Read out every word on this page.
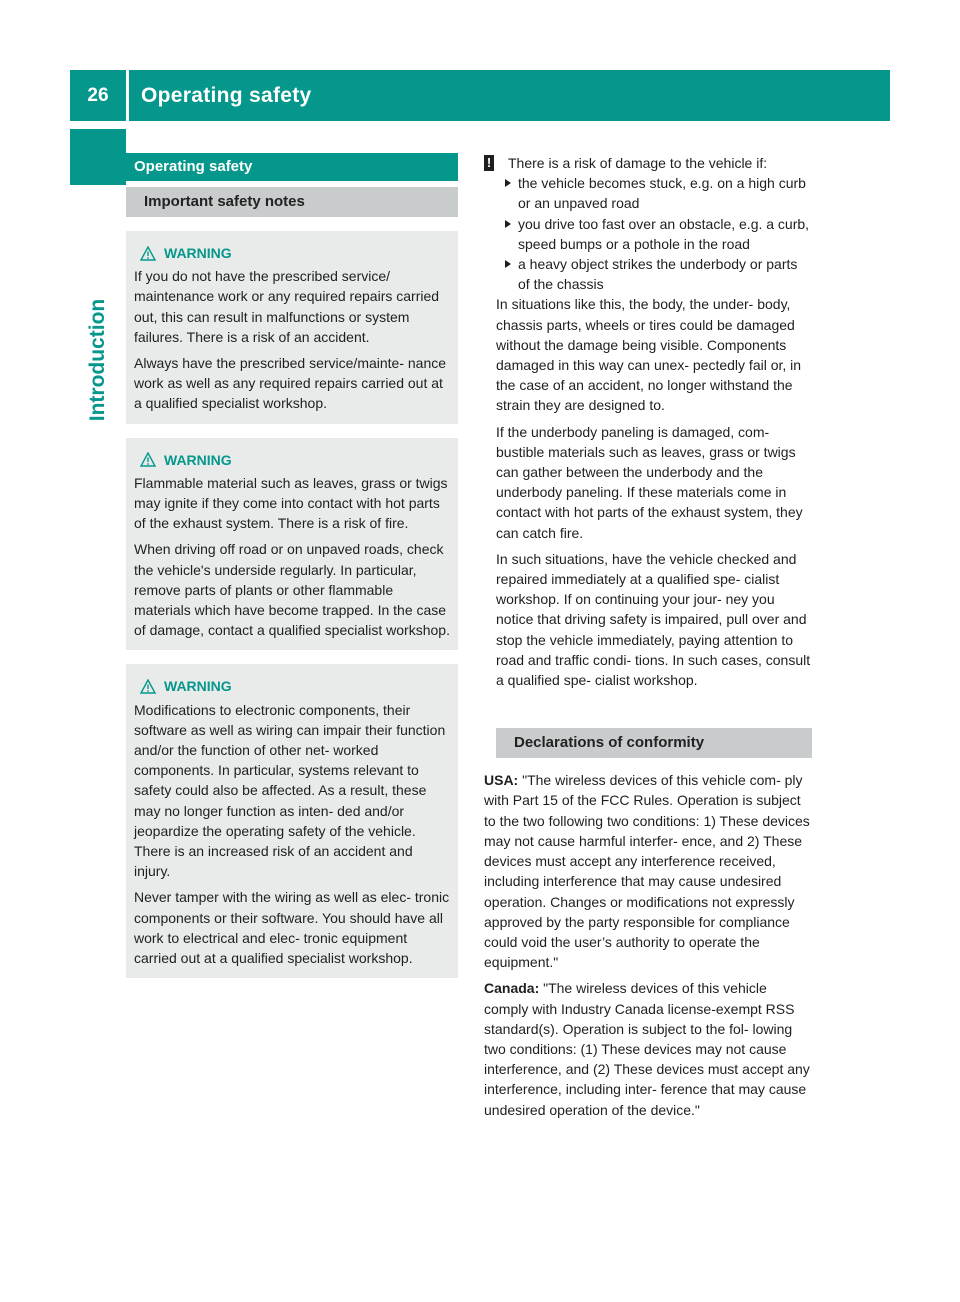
26	Operating safety
Introduction
Operating safety
Important safety notes
WARNING

If you do not have the prescribed service/ maintenance work or any required repairs carried out, this can result in malfunctions or system failures. There is a risk of an accident.

Always have the prescribed service/mainte- nance work as well as any required repairs carried out at a qualified specialist workshop.

WARNING

Flammable material such as leaves, grass or twigs may ignite if they come into contact with hot parts of the exhaust system. There is a risk of fire.

When driving off road or on unpaved roads, check the vehicle's underside regularly. In particular, remove parts of plants or other flammable materials which have become trapped. In the case of damage, contact a qualified specialist workshop.

WARNING

Modifications to electronic components, their software as well as wiring can impair their function and/or the function of other net- worked components. In particular, systems relevant to safety could also be affected. As a result, these may no longer function as inten- ded and/or jeopardize the operating safety of the vehicle. There is an increased risk of an accident and injury.

Never tamper with the wiring as well as elec- tronic components or their software. You should have all work to electrical and elec- tronic equipment carried out at a qualified specialist workshop.

! There is a risk of damage to the vehicle if:
the vehicle becomes stuck, e.g. on a high curb or an unpaved road
you drive too fast over an obstacle, e.g. a curb, speed bumps or a pothole in the road
a heavy object strikes the underbody or parts of the chassis

In situations like this, the body, the under- body, chassis parts, wheels or tires could be damaged without the damage being visible. Components damaged in this way can unex- pectedly fail or, in the case of an accident, no longer withstand the strain they are designed to.

If the underbody paneling is damaged, com- bustible materials such as leaves, grass or twigs can gather between the underbody and the underbody paneling. If these materials come in contact with hot parts of the exhaust system, they can catch fire.

In such situations, have the vehicle checked and repaired immediately at a qualified spe- cialist workshop. If on continuing your jour- ney you notice that driving safety is impaired, pull over and stop the vehicle immediately, paying attention to road and traffic condi- tions. In such cases, consult a qualified spe- cialist workshop.

Declarations of conformity

USA: "The wireless devices of this vehicle com- ply with Part 15 of the FCC Rules. Operation is subject to the two following two conditions: 1) These devices may not cause harmful interfer- ence, and 2) These devices must accept any interference received, including interference that may cause undesired operation. Changes or modifications not expressly approved by the party responsible for compliance could void the user’s authority to operate the equipment."

Canada: "The wireless devices of this vehicle comply with Industry Canada license-exempt RSS standard(s). Operation is subject to the fol- lowing two conditions: (1) These devices may not cause interference, and (2) These devices must accept any interference, including inter- ference that may cause undesired operation of the device."
